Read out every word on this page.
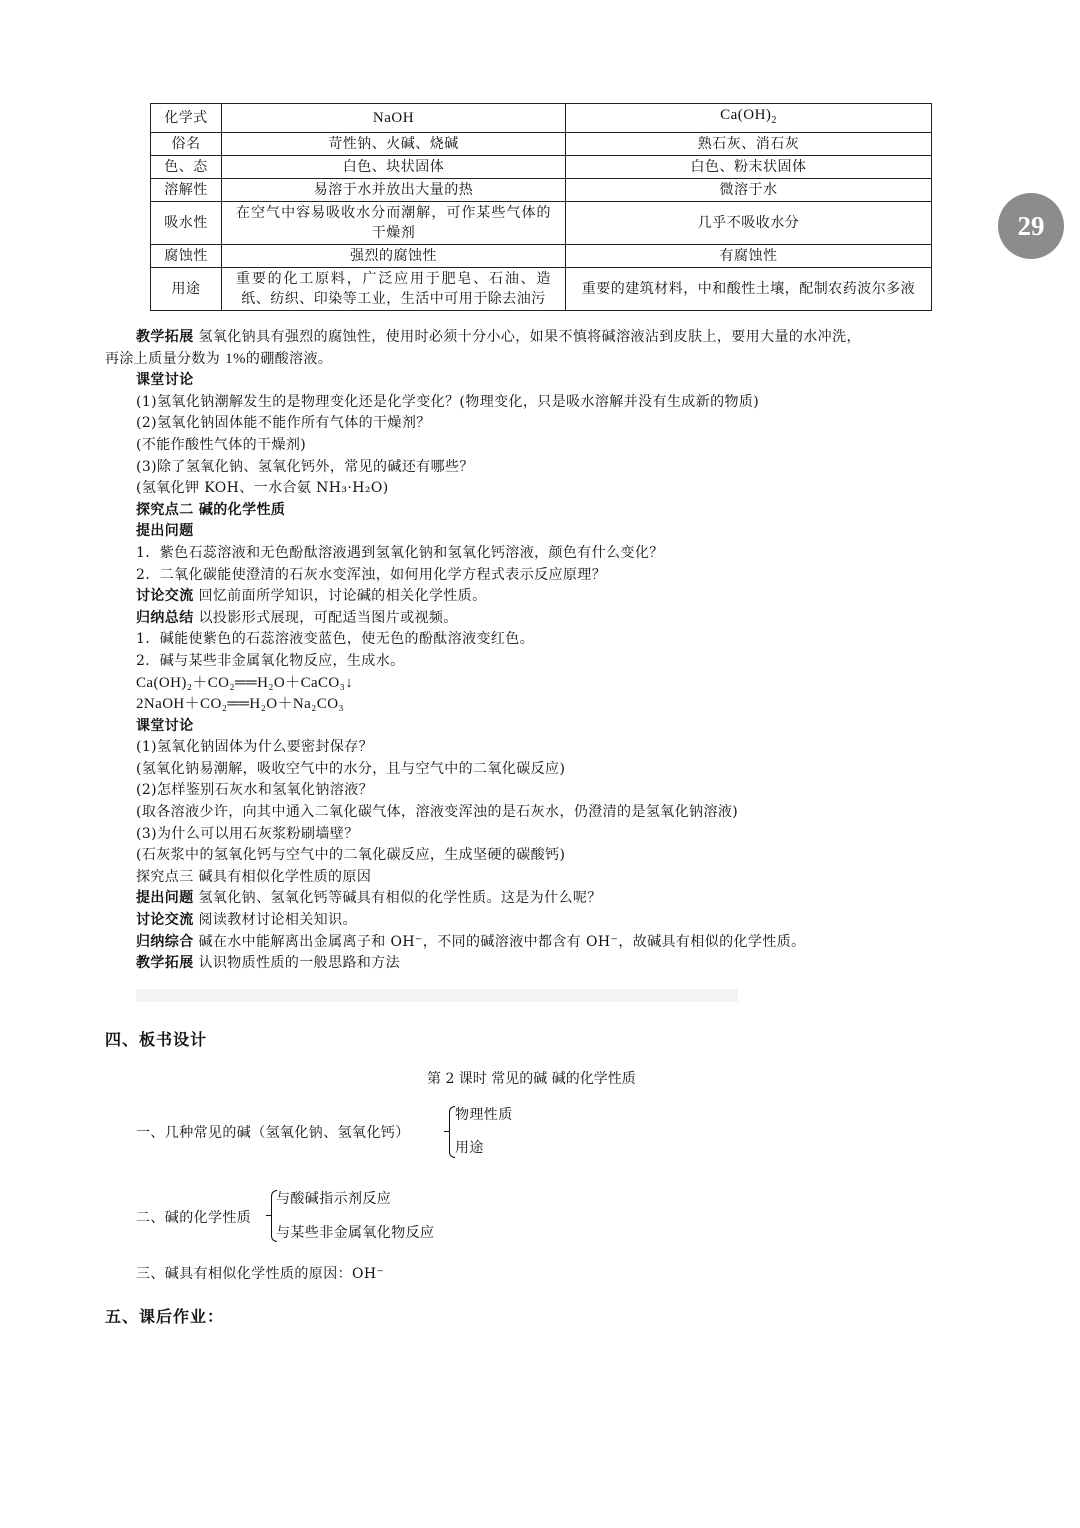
29
化学式	NaOH	$Ca(OH)_2$
俗名	苛性钠、火碱、烧碱	熟石灰、消石灰
色、态	白色、块状固体	白色、粉末状固体
溶解性	易溶于水并放出大量的热	微溶于水
吸水性	在空气中容易吸收水分而潮解，可作某些气体的干燥剂	几乎不吸收水分
腐蚀性	强烈的腐蚀性	有腐蚀性
用途	重要的化工原料，广泛应用于肥皂、石油、造纸、纺织、印染等工业，生活中可用于除去油污	重要的建筑材料，中和酸性土壤，配制农药波尔多液

教学拓展 氢氧化钠具有强烈的腐蚀性，使用时必须十分小心，如果不慎将碱溶液沾到皮肤上，要用大量的水冲洗，

再涂上质量分数为 1%的硼酸溶液。

课堂讨论

(1)氢氧化钠潮解发生的是物理变化还是化学变化？(物理变化，只是吸水溶解并没有生成新的物质)

(2)氢氧化钠固体能不能作所有气体的干燥剂？

(不能作酸性气体的干燥剂)

(3)除了氢氧化钠、氢氧化钙外，常见的碱还有哪些？

(氢氧化钾 KOH、一水合氨 NH₃·H₂O)

探究点二 碱的化学性质

提出问题

1．紫色石蕊溶液和无色酚酞溶液遇到氢氧化钠和氢氧化钙溶液，颜色有什么变化？

2．二氧化碳能使澄清的石灰水变浑浊，如何用化学方程式表示反应原理？

讨论交流 回忆前面所学知识，讨论碱的相关化学性质。

归纳总结 以投影形式展现，可配适当图片或视频。

1．碱能使紫色的石蕊溶液变蓝色，使无色的酚酞溶液变红色。

2．碱与某些非金属氧化物反应，生成水。

Ca(OH)₂＋CO₂══H₂O＋CaCO₃↓

2NaOH＋CO₂══H₂O＋Na₂CO₃

课堂讨论

(1)氢氧化钠固体为什么要密封保存？

(氢氧化钠易潮解，吸收空气中的水分，且与空气中的二氧化碳反应)

(2)怎样鉴别石灰水和氢氧化钠溶液？

(取各溶液少许，向其中通入二氧化碳气体，溶液变浑浊的是石灰水，仍澄清的是氢氧化钠溶液)

(3)为什么可以用石灰浆粉刷墙壁？

(石灰浆中的氢氧化钙与空气中的二氧化碳反应，生成坚硬的碳酸钙)

探究点三 碱具有相似化学性质的原因

提出问题 氢氧化钠、氢氧化钙等碱具有相似的化学性质。这是为什么呢？

讨论交流 阅读教材讨论相关知识。

归纳综合 碱在水中能解离出金属离子和 OH⁻，不同的碱溶液中都含有 OH⁻，故碱具有相似的化学性质。

教学拓展 认识物质性质的一般思路和方法

四、板书设计
第 2 课时 常见的碱 碱的化学性质
一、几种常见的碱（氢氧化钠、氢氧化钙）
物理性质
用途
二、碱的化学性质
与酸碱指示剂反应
与某些非金属氧化物反应
三、碱具有相似化学性质的原因：OH⁻
五、课后作业：
